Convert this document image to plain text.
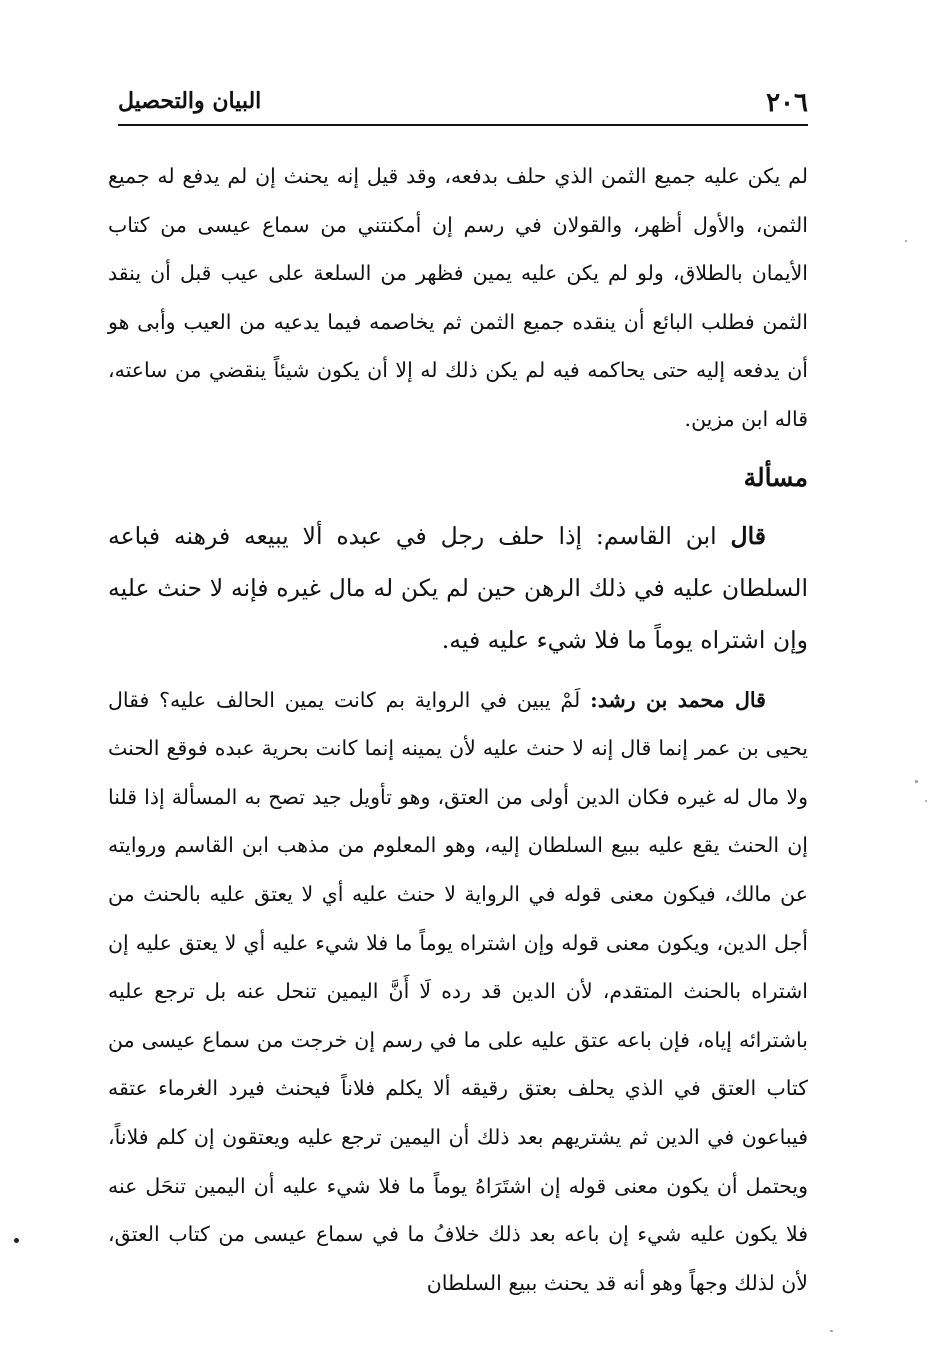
٢٠٦
البيان والتحصيل

لم يكن عليه جميع الثمن الذي حلف بدفعه، وقد قيل إنه يحنث إن لم يدفع له جميع الثمن، والأول أظهر، والقولان في رسم إن أمكنتني من سماع عيسى من كتاب الأيمان بالطلاق، ولو لم يكن عليه يمين فظهر من السلعة على عيب قبل أن ينقد الثمن فطلب البائع أن ينقده جميع الثمن ثم يخاصمه فيما يدعيه من العيب وأبى هو أن يدفعه إليه حتى يحاكمه فيه لم يكن ذلك له إلا أن يكون شيئاً ينقضي من ساعته، قاله ابن مزين.

مسألة

قال ابن القاسم: إذا حلف رجل في عبده ألا يبيعه فرهنه فباعه السلطان عليه في ذلك الرهن حين لم يكن له مال غيره فإنه لا حنث عليه وإن اشتراه يوماً ما فلا شيء عليه فيه.

قال محمد بن رشد: لَمْ يبين في الرواية بم كانت يمين الحالف عليه؟ فقال يحيى بن عمر إنما قال إنه لا حنث عليه لأن يمينه إنما كانت بحرية عبده فوقع الحنث ولا مال له غيره فكان الدين أولى من العتق، وهو تأويل جيد تصح به المسألة إذا قلنا إن الحنث يقع عليه ببيع السلطان إليه، وهو المعلوم من مذهب ابن القاسم وروايته عن مالك، فيكون معنى قوله في الرواية لا حنث عليه أي لا يعتق عليه بالحنث من أجل الدين، ويكون معنى قوله وإن اشتراه يوماً ما فلا شيء عليه أي لا يعتق عليه إن اشتراه بالحنث المتقدم، لأن الدين قد رده لَا أَنَّ اليمين تنحل عنه بل ترجع عليه باشترائه إياه، فإن باعه عتق عليه على ما في رسم إن خرجت من سماع عيسى من كتاب العتق في الذي يحلف بعتق رقيقه ألا يكلم فلاناً فيحنث فيرد الغرماء عتقه فيباعون في الدين ثم يشتريهم بعد ذلك أن اليمين ترجع عليه ويعتقون إن كلم فلاناً، ويحتمل أن يكون معنى قوله إن اشتَرَاهُ يوماً ما فلا شيء عليه أن اليمين تنحَل عنه فلا يكون عليه شيء إن باعه بعد ذلك خلافُ ما في سماع عيسى من كتاب العتق، لأن لذلك وجهاً وهو أنه قد يحنث ببيع السلطان
